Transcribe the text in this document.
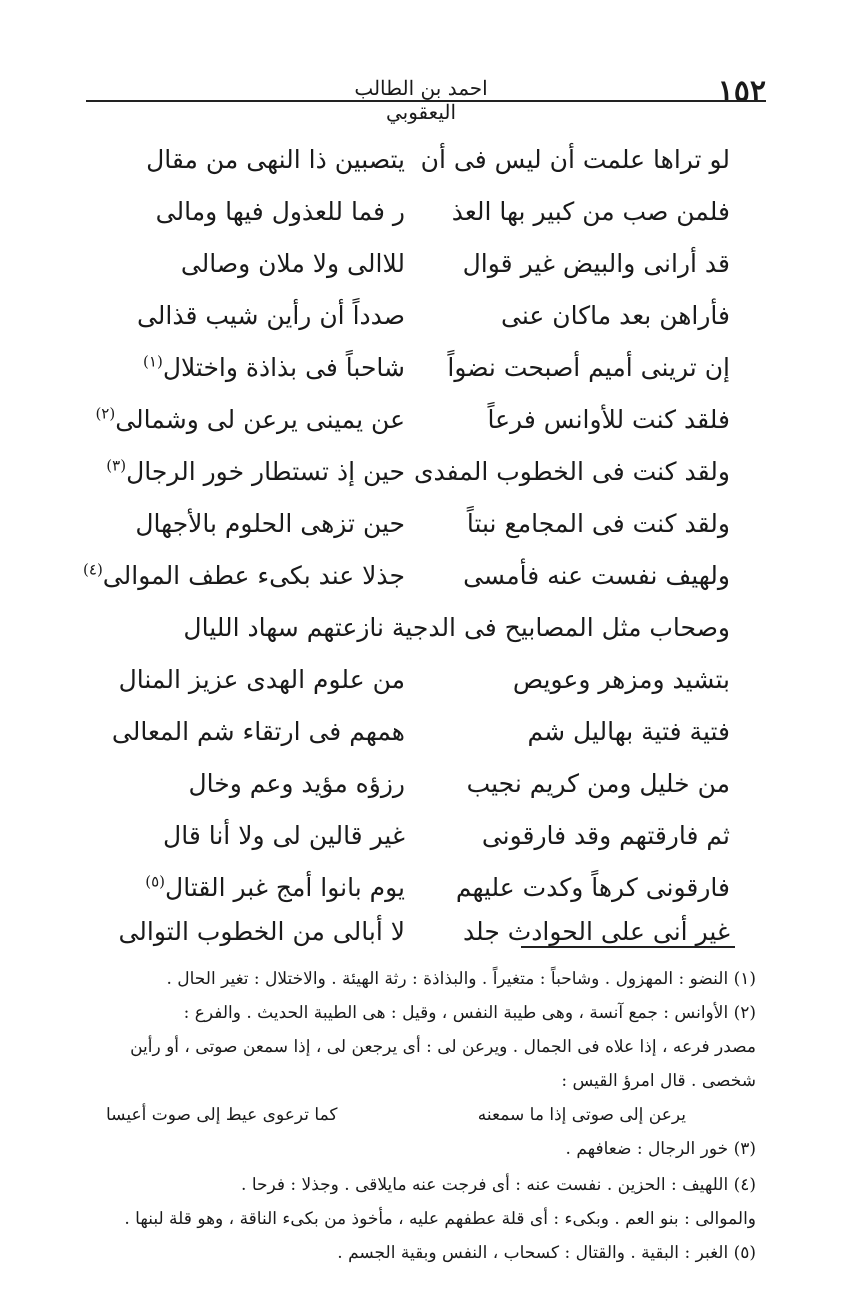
١٥٢
احمد بن الطالب اليعقوبي
لو تراها علمت أن ليس فى أن
يتصبين ذا النهى من مقال
فلمن صب من كبير بها العذ
ر فما للعذول فيها ومالى
قد أرانى والبيض غير قوال
للاالى ولا ملان وصالى
فأراهن بعد ماكان عنى
صدداً أن رأين شيب قذالى
إن ترينى أميم أصبحت نضواً
شاحباً فى بذاذة واختلال$^{(١)}$
فلقد كنت للأوانس فرعاً
عن يمينى يرعن لى وشمالى$^{(٢)}$
ولقد كنت فى الخطوب المفدى
حين إذ تستطار خور الرجال$^{(٣)}$
ولقد كنت فى المجامع نبتاً
حين تزهى الحلوم بالأجهال
ولهيف نفست عنه فأمسى
جذلا عند بكىء عطف الموالى$^{(٤)}$
وصحاب مثل المصابيح فى الدجية نازعتهم سهاد الليال
بتشيد ومزهر وعويص
من علوم الهدى عزيز المنال
فتية فتية بهاليل شم
همهم فى ارتقاء شم المعالى
من خليل ومن كريم نجيب
رزؤه مؤيد وعم وخال
ثم فارقتهم وقد فارقونى
غير قالين لى ولا أنا قال
فارقونى كرهاً وكدت عليهم
يوم بانوا أمج غبر القتال$^{(٥)}$
غير أنى على الحوادث جلد
لا أبالى من الخطوب التوالى
(١) النضو : المهزول . وشاحباً : متغيراً . والبذاذة : رثة الهيئة . والاختلال : تغير الحال .
(٢) الأوانس : جمع آنسة ، وهى طيبة النفس ، وقيل : هى الطيبة الحديث . والفرع :
مصدر فرعه ، إذا علاه فى الجمال . ويرعن لى : أى يرجعن لى ، إذا سمعن صوتى ، أو رأين
شخصى . قال امرؤ القيس :
يرعن إلى صوتى إذا ما سمعنه
كما ترعوى عيط إلى صوت أعيسا
(٣) خور الرجال : ضعافهم .
(٤) اللهيف : الحزين . نفست عنه : أى فرجت عنه مايلاقى . وجذلا : فرحا .
والموالى : بنو العم . وبكىء : أى قلة عطفهم عليه ، مأخوذ من بكىء الناقة ، وهو قلة لبنها .
(٥) الغبر : البقية . والقتال : كسحاب ، النفس وبقية الجسم .
